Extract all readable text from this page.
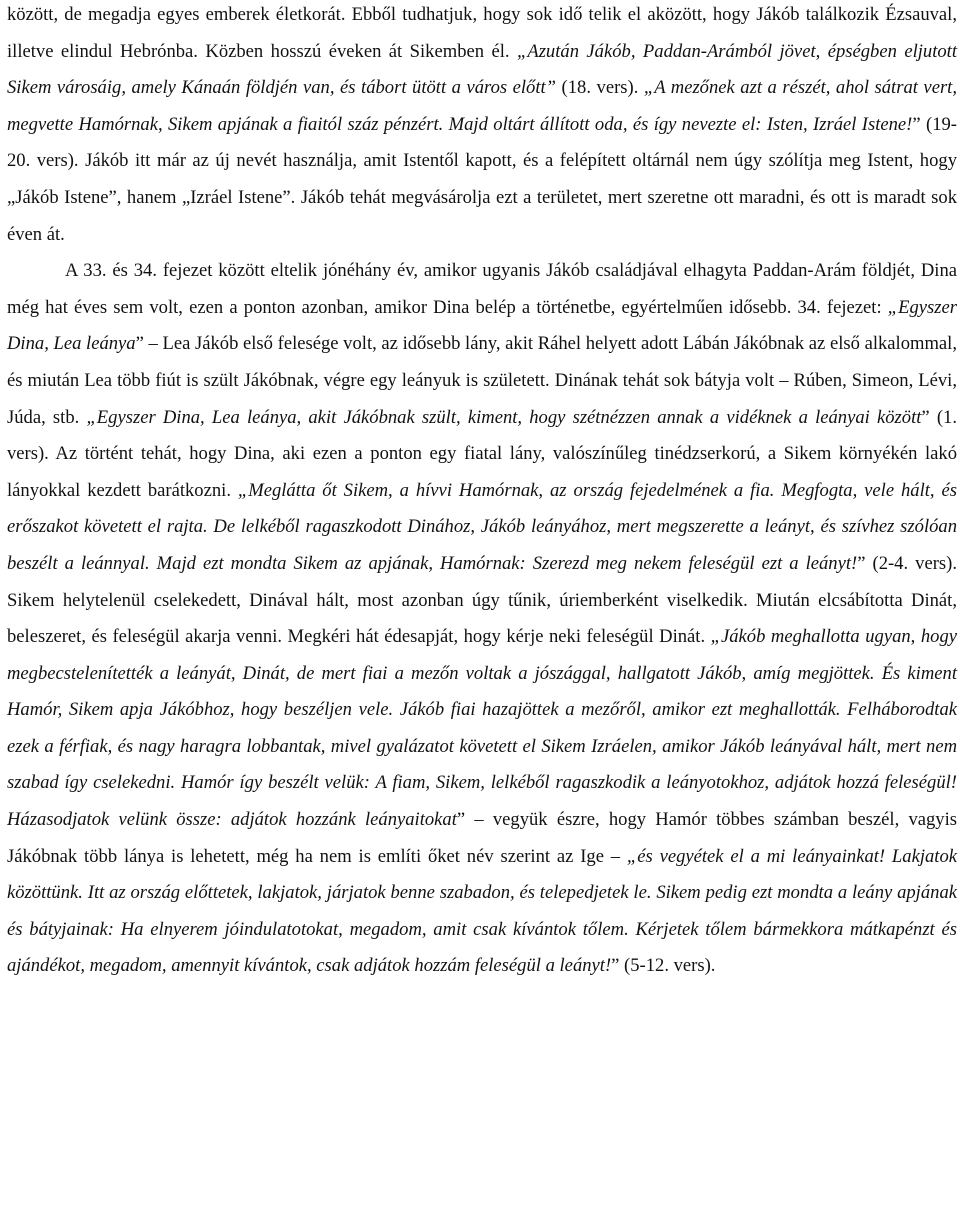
között, de megadja egyes emberek életkorát. Ebből tudhatjuk, hogy sok idő telik el aközött, hogy Jákób találkozik Ézsauval, illetve elindul Hebrónba. Közben hosszú éveken át Sikemben él. „Azután Jákób, Paddan-Arámból jövet, épségben eljutott Sikem városáig, amely Kánaán földjén van, és tábort ütött a város előtt” (18. vers). „A mezőnek azt a részét, ahol sátrat vert, megvette Hamórnak, Sikem apjának a fiaitól száz pénzért. Majd oltárt állított oda, és így nevezte el: Isten, Izráel Istene!” (19-20. vers). Jákób itt már az új nevét használja, amit Istentől kapott, és a felépített oltárnál nem úgy szólítja meg Istent, hogy „Jákób Istene”, hanem „Izráel Istene”. Jákób tehát megvásárolja ezt a területet, mert szeretne ott maradni, és ott is maradt sok éven át.

A 33. és 34. fejezet között eltelik jónéhány év, amikor ugyanis Jákób családjával elhagyta Paddan-Arám földjét, Dina még hat éves sem volt, ezen a ponton azonban, amikor Dina belép a történetbe, egyértelműen idősebb. 34. fejezet: „Egyszer Dina, Lea leánya” – Lea Jákób első felesége volt, az idősebb lány, akit Ráhel helyett adott Lábán Jákóbnak az első alkalommal, és miután Lea több fiút is szült Jákóbnak, végre egy leányuk is született. Dinának tehát sok bátyja volt – Rúben, Simeon, Lévi, Júda, stb. „Egyszer Dina, Lea leánya, akit Jákóbnak szült, kiment, hogy szétnézzen annak a vidéknek a leányai között” (1. vers). Az történt tehát, hogy Dina, aki ezen a ponton egy fiatal lány, valószínűleg tinédzserkorú, a Sikem környékén lakó lányokkal kezdett barátkozni. „Meglátta őt Sikem, a hívvi Hamórnak, az ország fejedelmének a fia. Megfogta, vele hált, és erőszakot követett el rajta. De lelkéből ragaszkodott Dinához, Jákób leányához, mert megszerette a leányt, és szívhez szólóan beszélt a leánnyal. Majd ezt mondta Sikem az apjának, Hamórnak: Szerezd meg nekem feleségül ezt a leányt!” (2-4. vers). Sikem helytelenül cselekedett, Dinával hált, most azonban úgy tűnik, úriemberként viselkedik. Miután elcsábította Dinát, beleszeret, és feleségül akarja venni. Megkéri hát édesapját, hogy kérje neki feleségül Dinát. „Jákób meghallotta ugyan, hogy megbecstelenítették a leányát, Dinát, de mert fiai a mezőn voltak a jószággal, hallgatott Jákób, amíg megjöttek. És kiment Hamór, Sikem apja Jákóbhoz, hogy beszéljen vele. Jákób fiai hazajöttek a mezőről, amikor ezt meghallották. Felháborodtak ezek a férfiak, és nagy haragra lobbantak, mivel gyalázatot követett el Sikem Izráelen, amikor Jákób leányával hált, mert nem szabad így cselekedni. Hamór így beszélt velük: A fiam, Sikem, lelkéből ragaszkodik a leányotokhoz, adjátok hozzá feleségül! Házasodjatok velünk össze: adjátok hozzánk leányaitokat” – vegyük észre, hogy Hamór többes számban beszél, vagyis Jákóbnak több lánya is lehetett, még ha nem is említi őket név szerint az Ige – „és vegyétek el a mi leányainkat! Lakjatok közöttünk. Itt az ország előttetek, lakjatok, járjatok benne szabadon, és telepedjetek le. Sikem pedig ezt mondta a leány apjának és bátyjainak: Ha elnyerem jóindulatotokat, megadom, amit csak kívántok tőlem. Kérjetek tőlem bármekkora mátkapénzt és ajándékot, megadom, amennyit kívántok, csak adjátok hozzám feleségül a leányt!” (5-12. vers).
